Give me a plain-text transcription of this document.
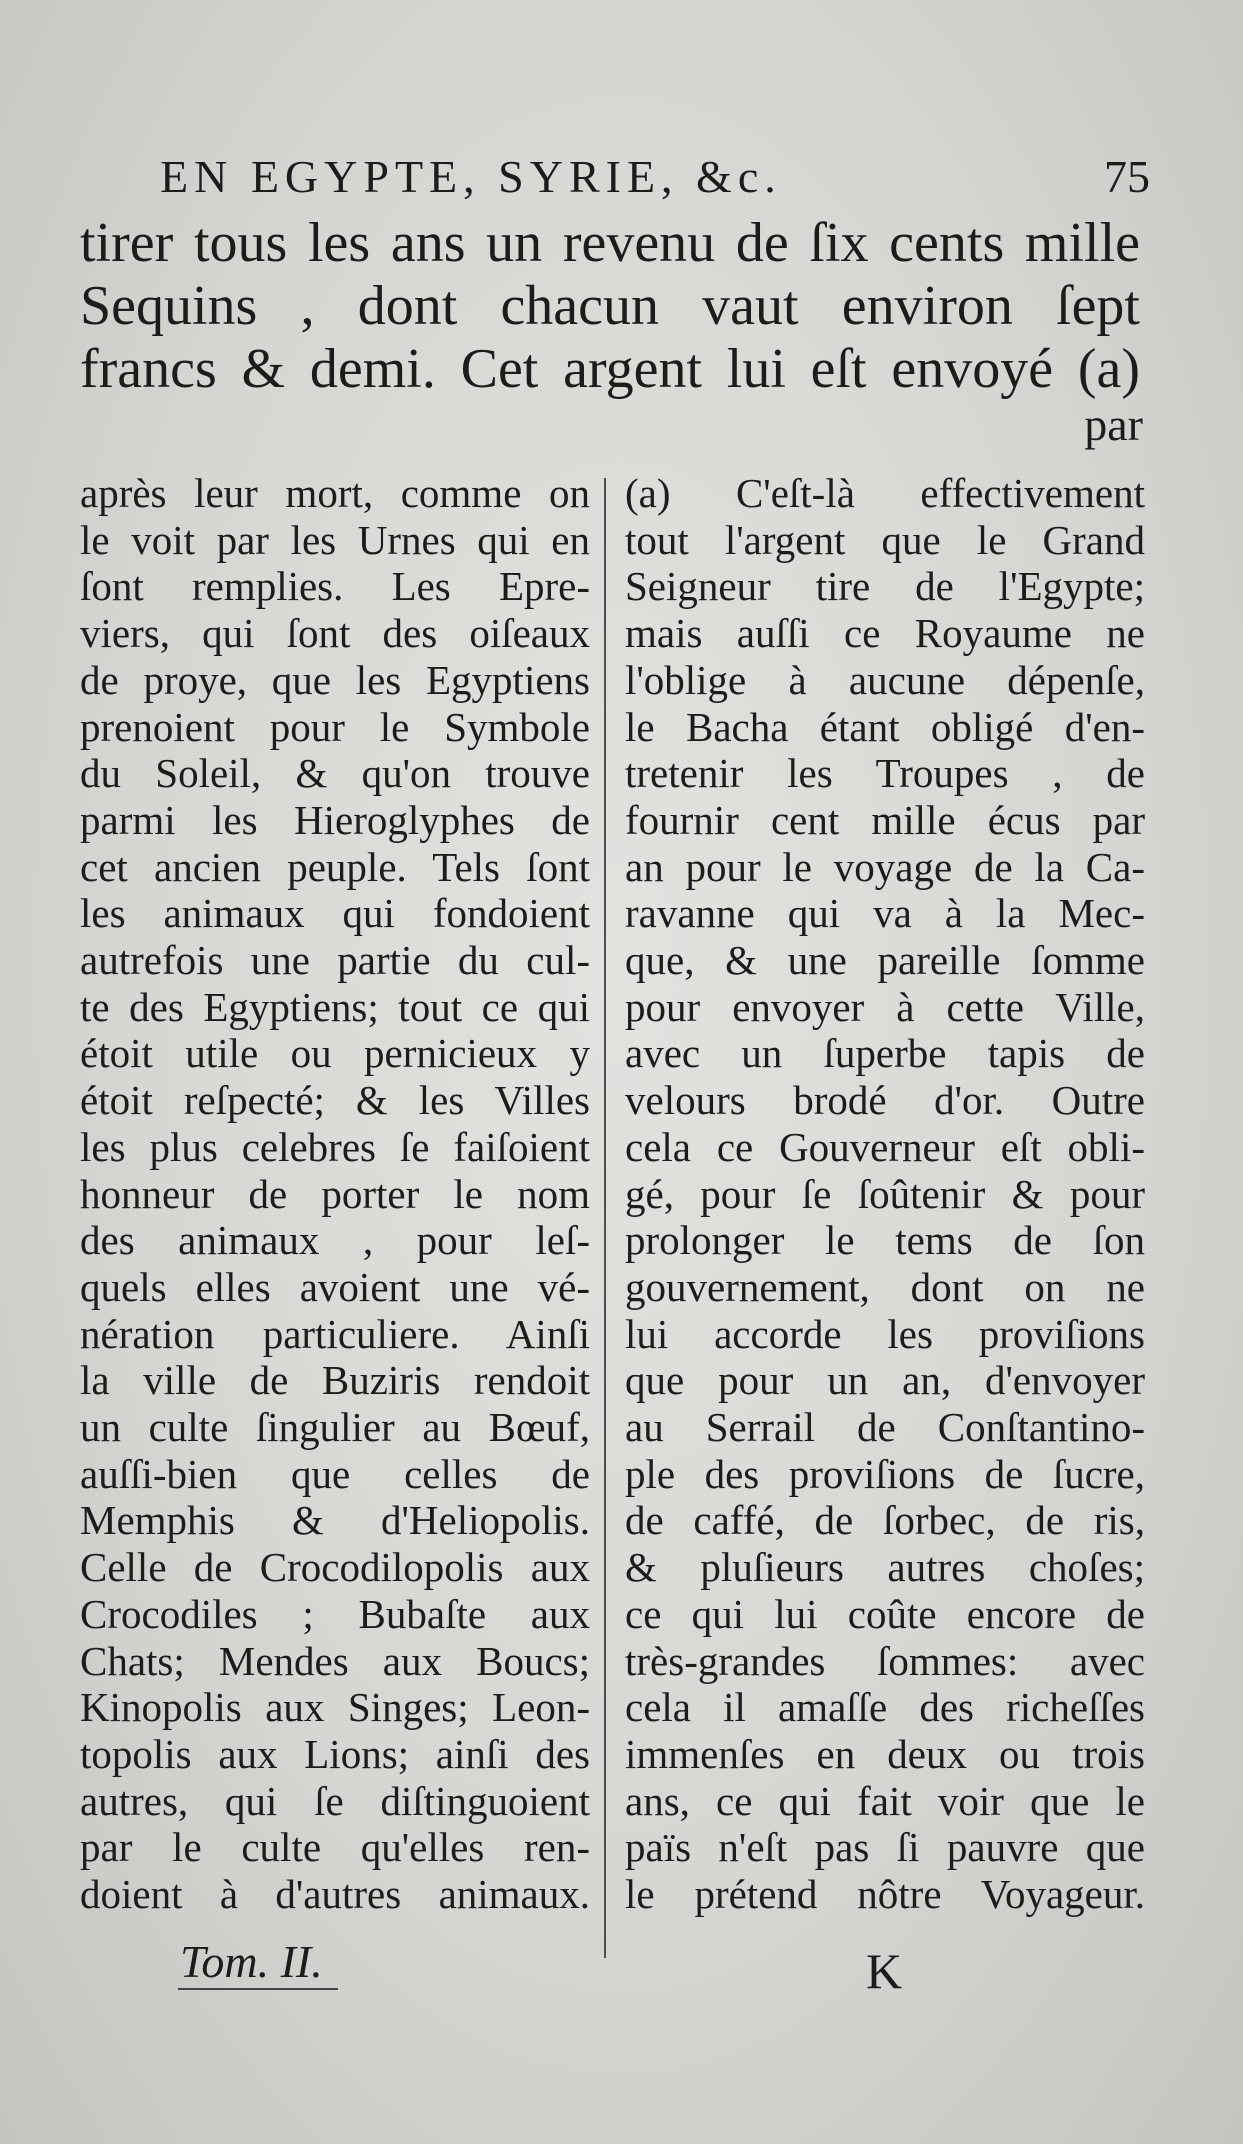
EN EGYPTE, SYRIE, &c.	75
tirer tous les ans un revenu de ſix cents mille
Sequins , dont chacun vaut environ ſept
francs & demi. Cet argent lui eſt envoyé (a)
par
après leur mort, comme on
le voit par les Urnes qui en
ſont remplies. Les Epre-
viers, qui ſont des oiſeaux
de proye, que les Egyptiens
prenoient pour le Symbole
du Soleil, & qu'on trouve
parmi les Hieroglyphes de
cet ancien peuple. Tels ſont
les animaux qui fondoient
autrefois une partie du cul-
te des Egyptiens; tout ce qui
étoit utile ou pernicieux y
étoit reſpecté; & les Villes
les plus celebres ſe faiſoient
honneur de porter le nom
des animaux , pour leſ-
quels elles avoient une vé-
nération particuliere. Ainſi
la ville de Buziris rendoit
un culte ſingulier au Bœuf,
auſſi-bien que celles de
Memphis & d'Heliopolis.
Celle de Crocodilopolis aux
Crocodiles ; Bubaſte aux
Chats; Mendes aux Boucs;
Kinopolis aux Singes; Leon-
topolis aux Lions; ainſi des
autres, qui ſe diſtinguoient
par le culte qu'elles ren-
doient à d'autres animaux.
(a) C'eſt-là effectivement
tout l'argent que le Grand
Seigneur tire de l'Egypte;
mais auſſi ce Royaume ne
l'oblige à aucune dépenſe,
le Bacha étant obligé d'en-
tretenir les Troupes , de
fournir cent mille écus par
an pour le voyage de la Ca-
ravanne qui va à la Mec-
que, & une pareille ſomme
pour envoyer à cette Ville,
avec un ſuperbe tapis de
velours brodé d'or. Outre
cela ce Gouverneur eſt obli-
gé, pour ſe ſoûtenir & pour
prolonger le tems de ſon
gouvernement, dont on ne
lui accorde les proviſions
que pour un an, d'envoyer
au Serrail de Conſtantino-
ple des proviſions de ſucre,
de caffé, de ſorbec, de ris,
& pluſieurs autres choſes;
ce qui lui coûte encore de
très-grandes ſommes: avec
cela il amaſſe des richeſſes
immenſes en deux ou trois
ans, ce qui fait voir que le
païs n'eſt pas ſi pauvre que
le prétend nôtre Voyageur.
Tom. II.	K
